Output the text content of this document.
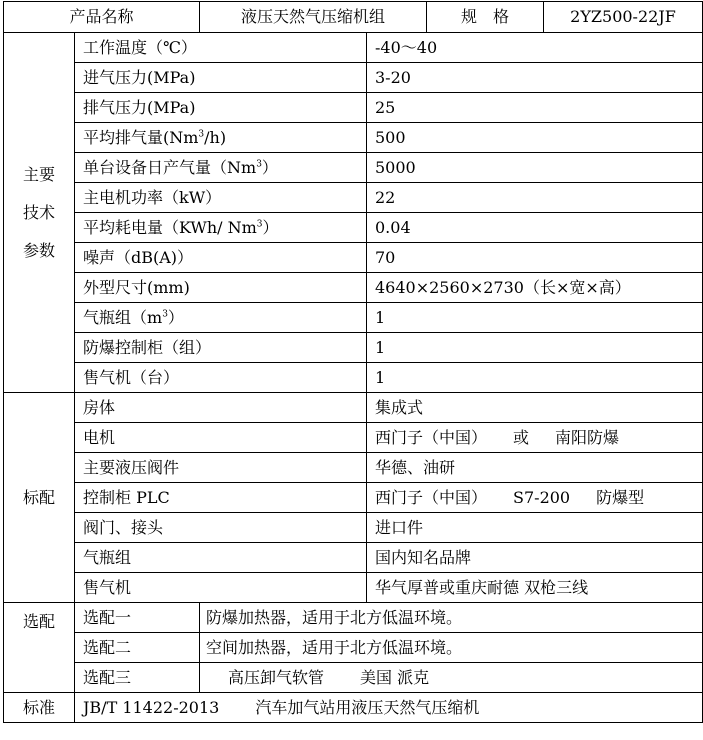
产品名称		液压天然气压缩机组		规　格	2YZ500-22JF
主要
技术
参数	工作温度（℃）		-40～40		
	进气压力(MPa)		3-20		
	排气压力(MPa)		25		
	平均排气量(Nm$^3$/h)		500		
	单台设备日产气量（Nm$^3$）		5000		
	主电机功率（kW）		22		
	平均耗电量（KWh/ Nm$^3$）		0.04		
	噪声（dB(A)）		70		
	外型尺寸(mm)		4640×2560×2730（长×宽×高）		
	气瓶组$(m^3)$		1		
	防爆控制柜（组）		1		
	售气机（台）		1		
标配	房体		集成式		
	电机		西门子（中国） 或 南阳防爆		
	主要液压阀件		华德、油研		
	控制柜 PLC		西门子（中国） S7-200 防爆型		
	阀门、接头		进口件		
	气瓶组		国内知名品牌		
	售气机		华气厚普或重庆耐德 双枪三线		
选配	选配一	防爆加热器，适用于北方低温环境。			
	选配二	空间加热器，适用于北方低温环境。			
	选配三	高压卸气软管 美国 派克			
标准	JB/T 11422-2013 汽车加气站用液压天然气压缩机				
